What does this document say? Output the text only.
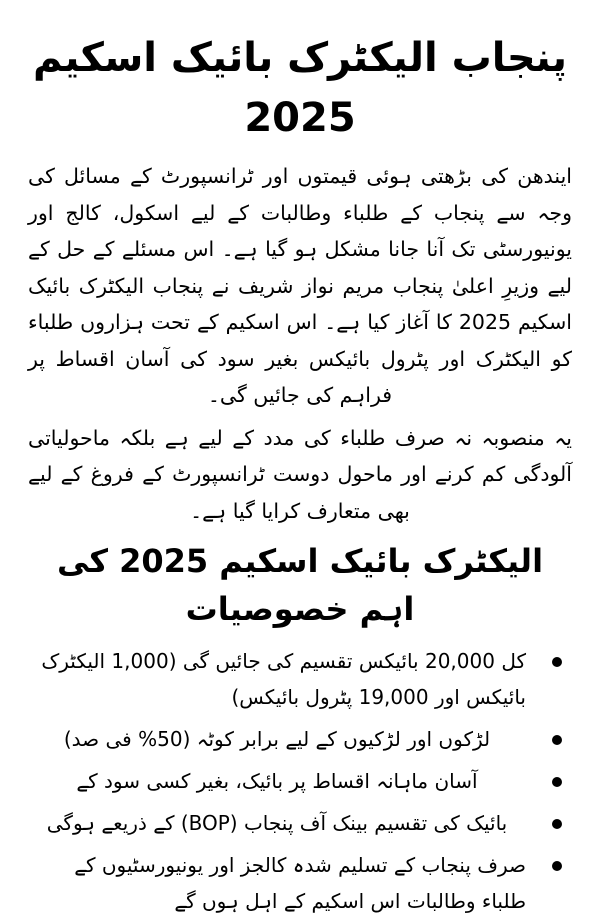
پنجاب الیکٹرک بائیک اسکیم 2025

ایندھن کی بڑھتی ہوئی قیمتوں اور ٹرانسپورٹ کے مسائل کی وجہ سے پنجاب کے طلباء وطالبات کے لیے اسکول، کالج اور یونیورسٹی تک آنا جانا مشکل ہو گیا ہے۔ اس مسئلے کے حل کے لیے وزیرِ اعلیٰ پنجاب مریم نواز شریف نے پنجاب الیکٹرک بائیک اسکیم 2025 کا آغاز کیا ہے۔ اس اسکیم کے تحت ہزاروں طلباء کو الیکٹرک اور پٹرول بائیکس بغیر سود کی آسان اقساط پر فراہم کی جائیں گی۔

یہ منصوبہ نہ صرف طلباء کی مدد کے لیے ہے بلکہ ماحولیاتی آلودگی کم کرنے اور ماحول دوست ٹرانسپورٹ کے فروغ کے لیے بھی متعارف کرایا گیا ہے۔

الیکٹرک بائیک اسکیم 2025 کی اہم خصوصیات
کل 20,000 بائیکس تقسیم کی جائیں گی (1,000 الیکٹرک بائیکس اور 19,000 پٹرول بائیکس)
لڑکوں اور لڑکیوں کے لیے برابر کوٹہ (50% فی صد)
آسان ماہانہ اقساط پر بائیک، بغیر کسی سود کے
بائیک کی تقسیم بینک آف پنجاب (BOP) کے ذریعے ہوگی
صرف پنجاب کے تسلیم شدہ کالجز اور یونیورسٹیوں کے طلباء وطالبات اس اسکیم کے اہل ہوں گے
